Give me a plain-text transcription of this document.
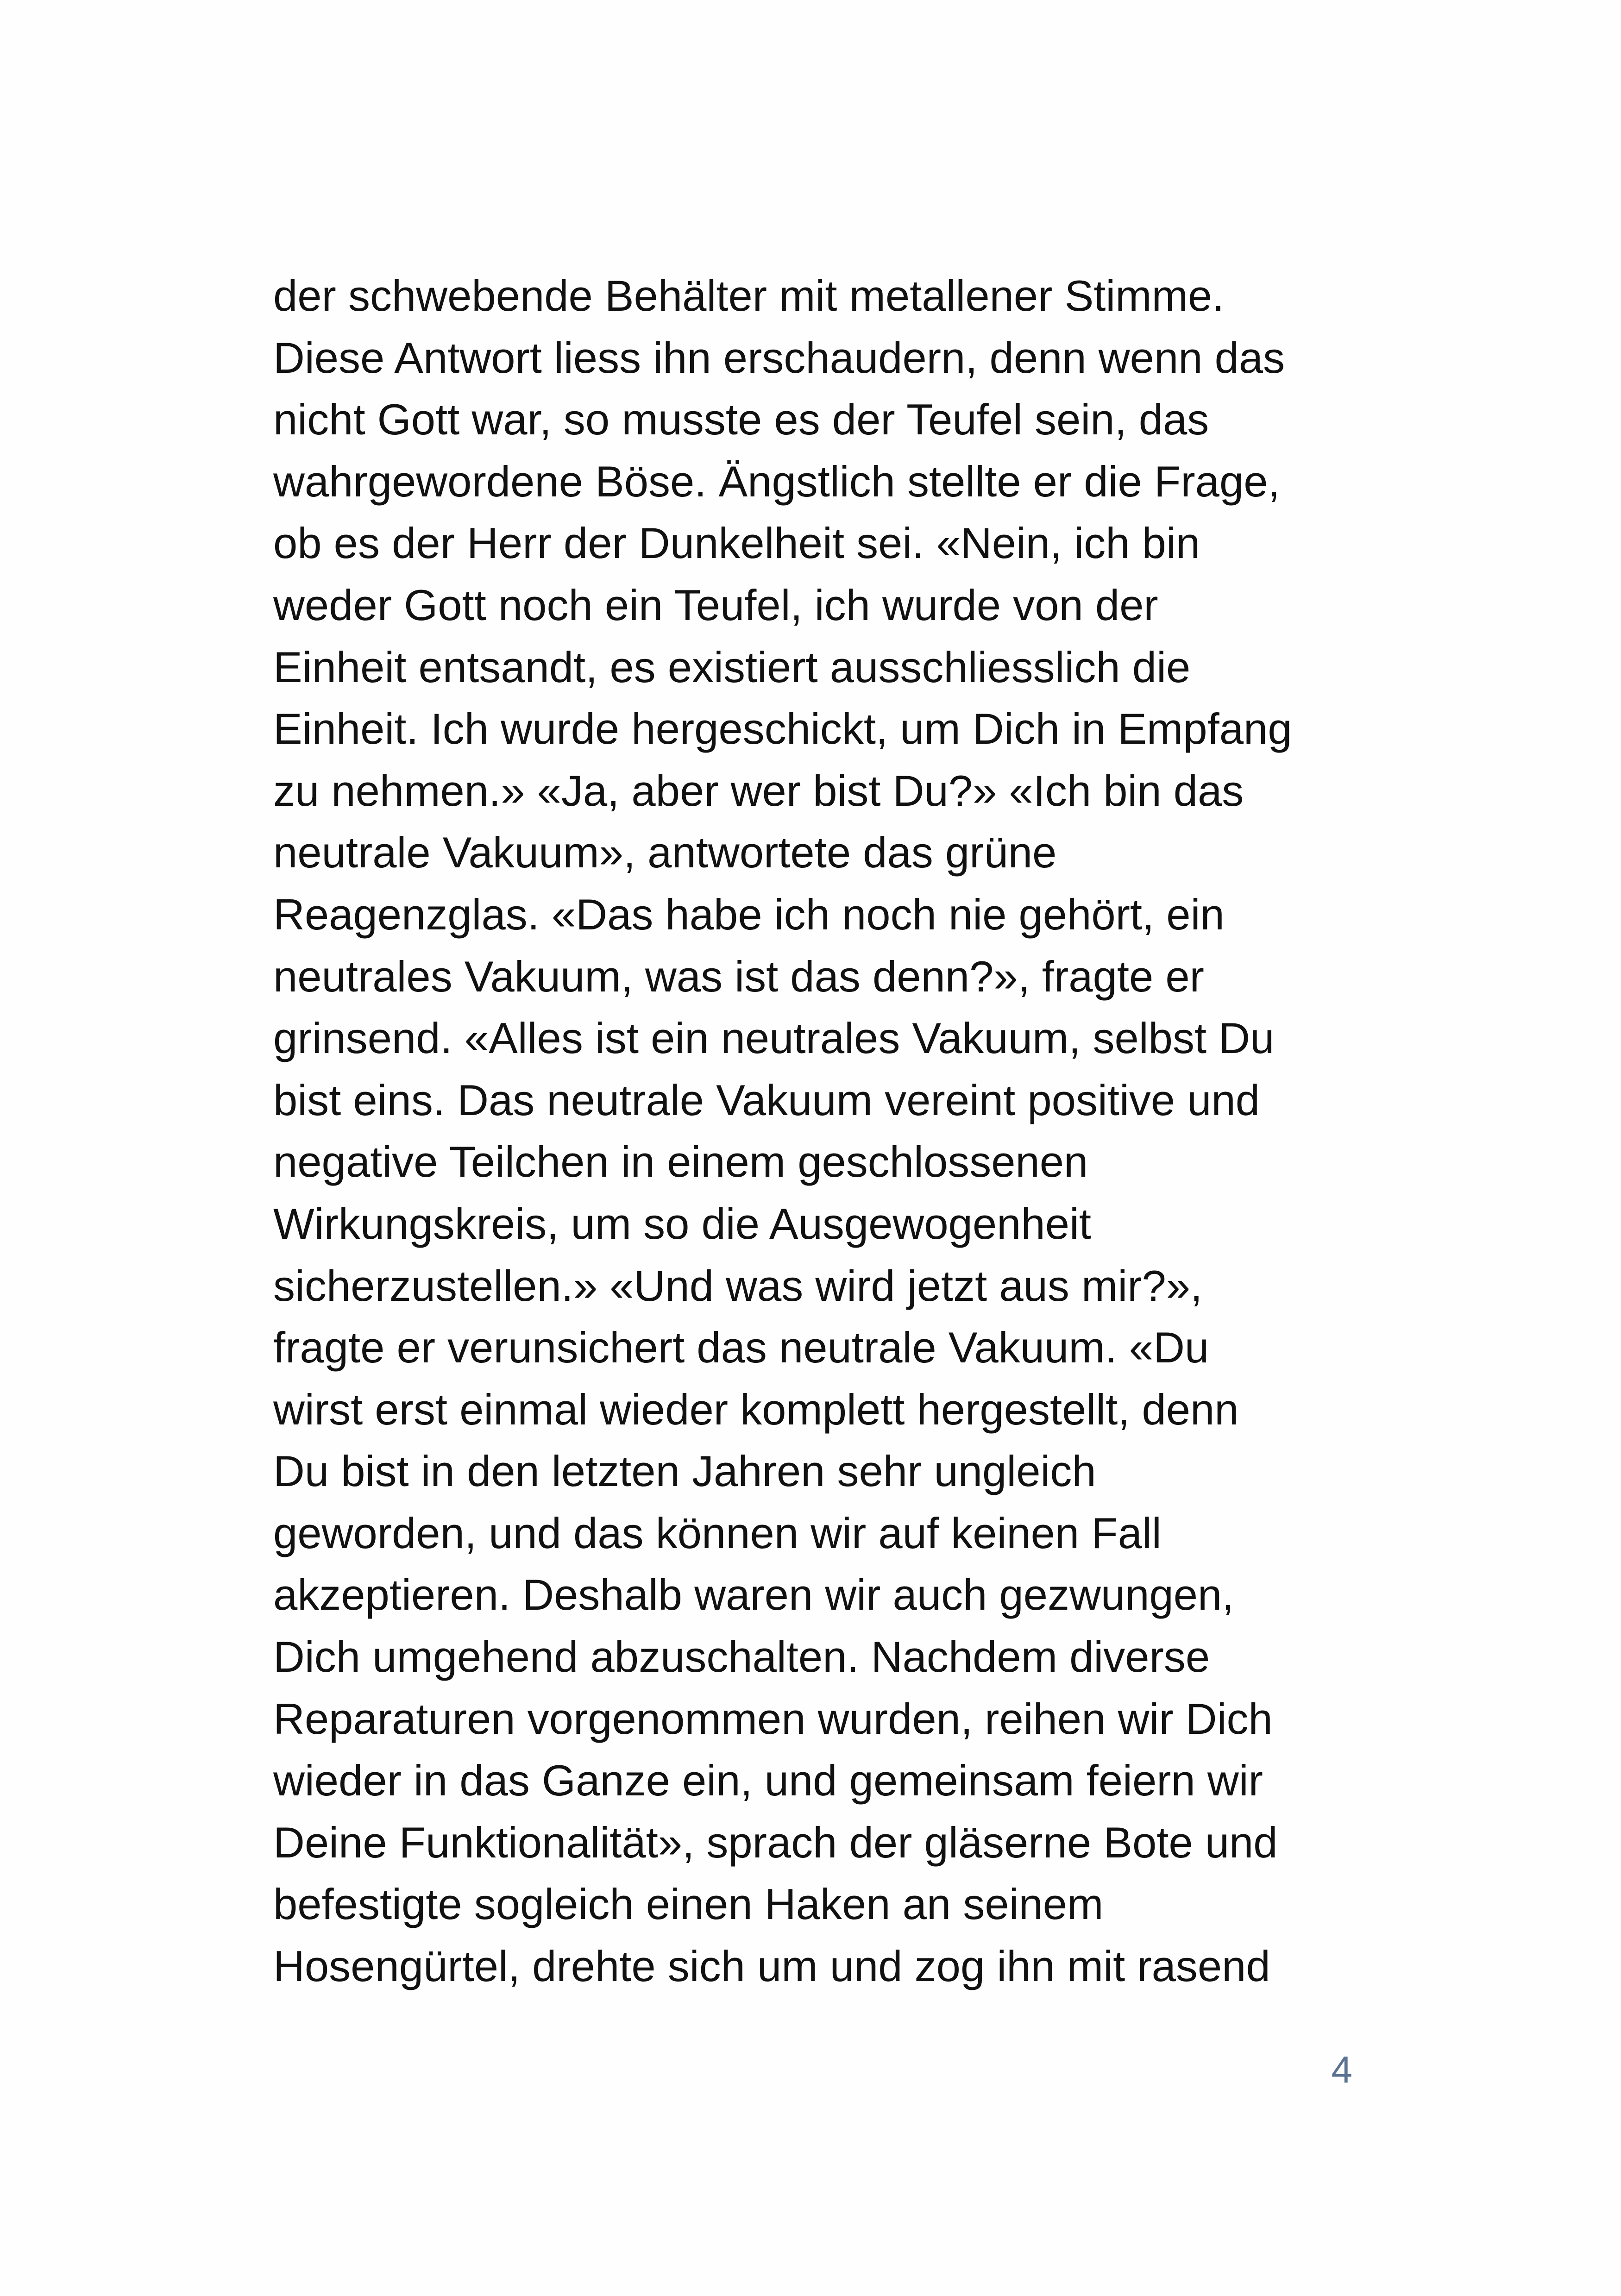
der schwebende Behälter mit metallener Stimme.
Diese Antwort liess ihn erschaudern, denn wenn das
nicht Gott war, so musste es der Teufel sein, das
wahrgewordene Böse. Ängstlich stellte er die Frage,
ob es der Herr der Dunkelheit sei. «Nein, ich bin
weder Gott noch ein Teufel, ich wurde von der
Einheit entsandt, es existiert ausschliesslich die
Einheit. Ich wurde hergeschickt, um Dich in Empfang
zu nehmen.» «Ja, aber wer bist Du?» «Ich bin das
neutrale Vakuum», antwortete das grüne
Reagenzglas. «Das habe ich noch nie gehört, ein
neutrales Vakuum, was ist das denn?», fragte er
grinsend. «Alles ist ein neutrales Vakuum, selbst Du
bist eins. Das neutrale Vakuum vereint positive und
negative Teilchen in einem geschlossenen
Wirkungskreis, um so die Ausgewogenheit
sicherzustellen.» «Und was wird jetzt aus mir?»,
fragte er verunsichert das neutrale Vakuum. «Du
wirst erst einmal wieder komplett hergestellt, denn
Du bist in den letzten Jahren sehr ungleich
geworden, und das können wir auf keinen Fall
akzeptieren. Deshalb waren wir auch gezwungen,
Dich umgehend abzuschalten. Nachdem diverse
Reparaturen vorgenommen wurden, reihen wir Dich
wieder in das Ganze ein, und gemeinsam feiern wir
Deine Funktionalität», sprach der gläserne Bote und
befestigte sogleich einen Haken an seinem
Hosengürtel, drehte sich um und zog ihn mit rasend
4
